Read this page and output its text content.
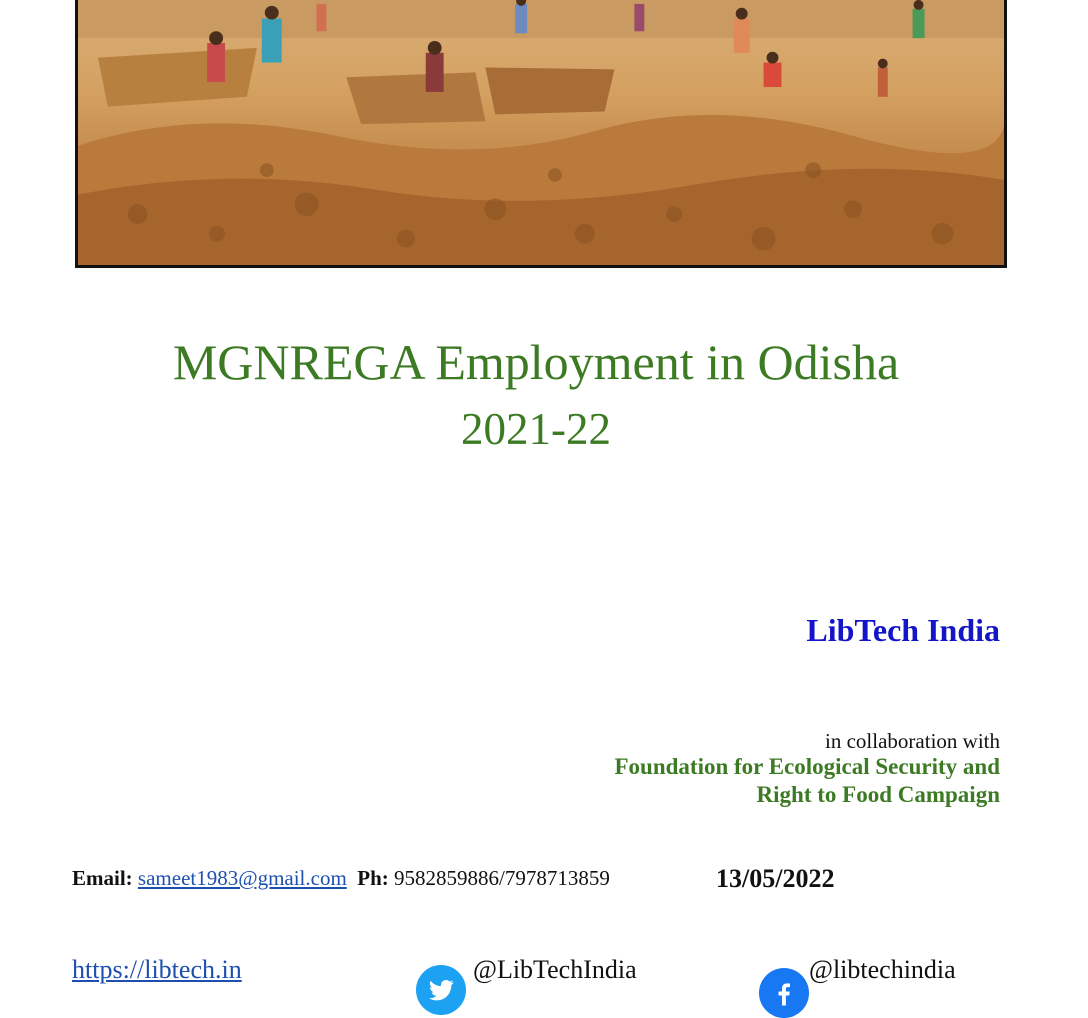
MGNREGA Employment in Odisha
2021-22
LibTech India
in collaboration with
Foundation for Ecological Security and
Right to Food Campaign
Email: sameet1983@gmail.com Ph: 9582859886/7978713859	13/05/2022
https://libtech.in	@LibTechIndia	@libtechindia
